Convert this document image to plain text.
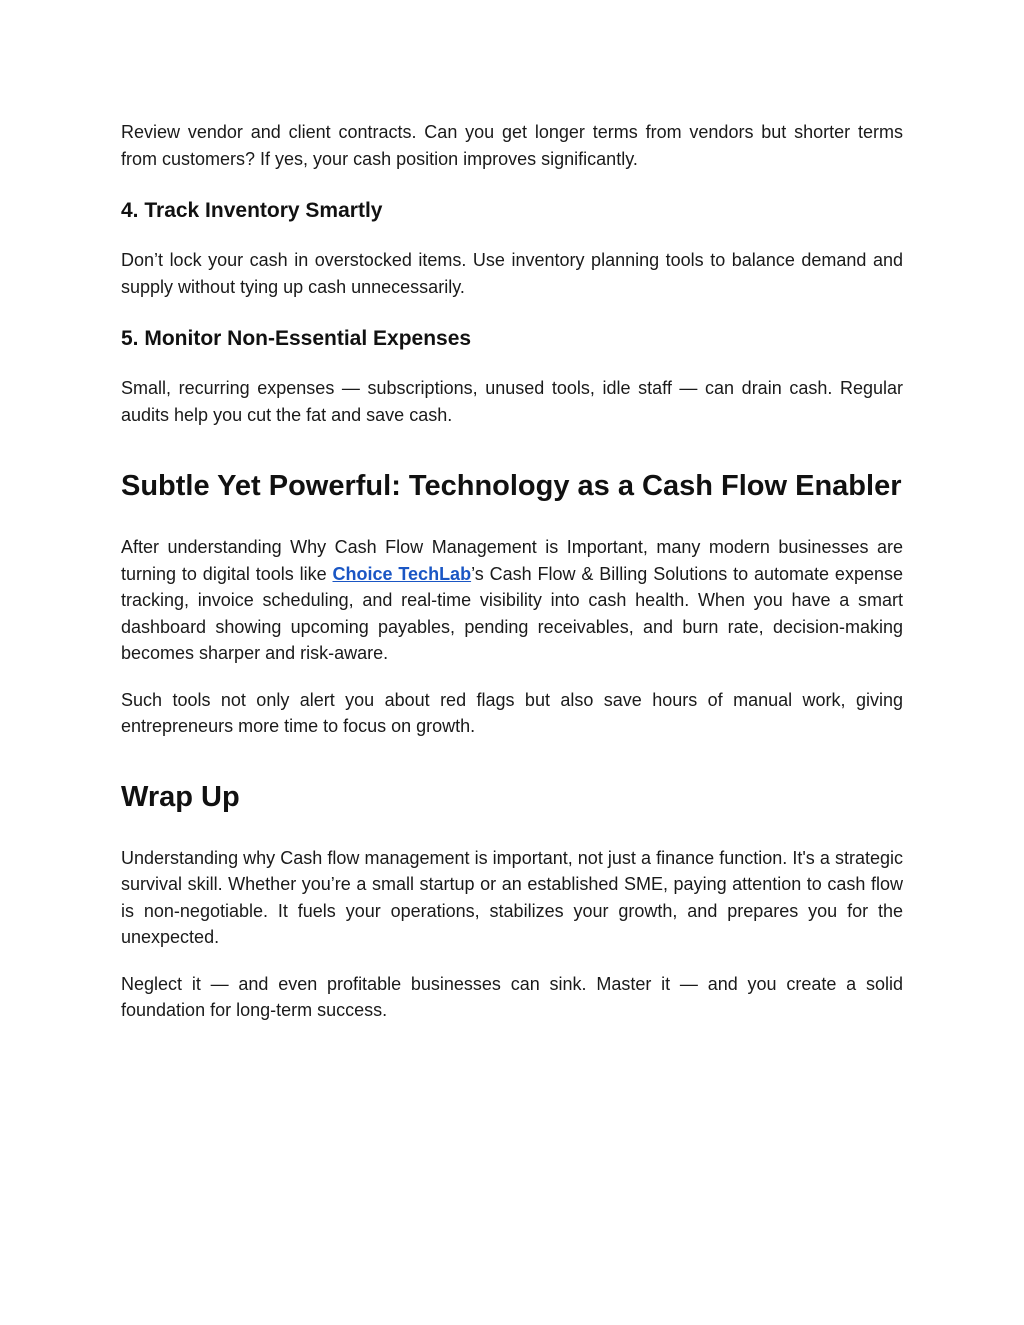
Review vendor and client contracts. Can you get longer terms from vendors but shorter terms from customers? If yes, your cash position improves significantly.

4. Track Inventory Smartly

Don’t lock your cash in overstocked items. Use inventory planning tools to balance demand and supply without tying up cash unnecessarily.

5. Monitor Non-Essential Expenses

Small, recurring expenses — subscriptions, unused tools, idle staff — can drain cash. Regular audits help you cut the fat and save cash.

Subtle Yet Powerful: Technology as a Cash Flow Enabler

After understanding Why Cash Flow Management is Important, many modern businesses are turning to digital tools like Choice TechLab’s Cash Flow & Billing Solutions to automate expense tracking, invoice scheduling, and real-time visibility into cash health. When you have a smart dashboard showing upcoming payables, pending receivables, and burn rate, decision-making becomes sharper and risk-aware.

Such tools not only alert you about red flags but also save hours of manual work, giving entrepreneurs more time to focus on growth.

Wrap Up

Understanding why Cash flow management is important, not just a finance function. It's a strategic survival skill. Whether you’re a small startup or an established SME, paying attention to cash flow is non-negotiable. It fuels your operations, stabilizes your growth, and prepares you for the unexpected.

Neglect it — and even profitable businesses can sink. Master it — and you create a solid foundation for long-term success.
